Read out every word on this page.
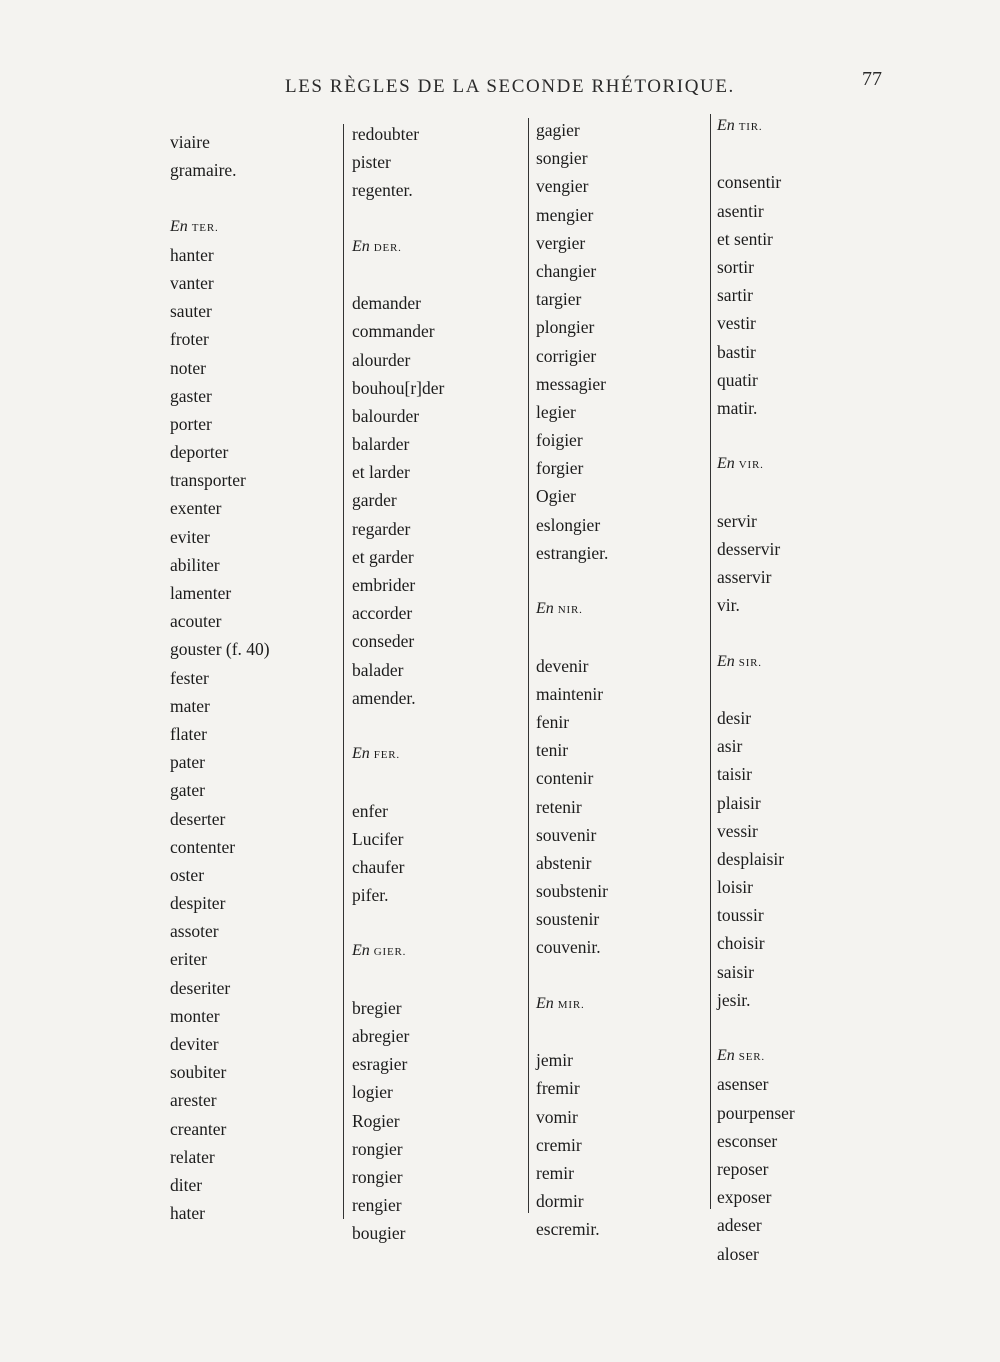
LES RÈGLES DE LA SECONDE RHÉTORIQUE.	77
viaire
gramaire.

En TER.
hanter
vanter
sauter
froter
noter
gaster
porter
deporter
transporter
exenter
eviter
abiliter
lamenter
acouter
gouster (f. 40)
fester
mater
flater
pater
gater
deserter
contenter
oster
despiter
assoter
eriter
deseriter
monter
deviter
soubiter
arester
creanter
relater
diter
hater
redoubter
pister
regenter.

En DER.

demander
commander
alourder
bouhou[r]der
balourder
balarder
et larder
garder
regarder
et garder
embrider
accorder
conseder
balader
amender.

En FER.

enfer
Lucifer
chaufer
pifer.

En GIER.

bregier
abregier
esragier
logier
Rogier
rongier
rongier
rengier
bougier
gagier
songier
vengier
mengier
vergier
changier
targier
plongier
corrigier
messagier
legier
foigier
forgier
Ogier
eslongier
estrangier.

En NIR.

devenir
maintenir
fenir
tenir
contenir
retenir
souvenir
abstenir
soubstenir
soustenir
couvenir.

En MIR.

jemir
fremir
vomir
cremir
remir
dormir
escremir.
En TIR.

consentir
asentir
et sentir
sortir
sartir
vestir
bastir
quatir
matir.

En VIR.

servir
desservir
asservir
vir.

En SIR.

desir
asir
taisir
plaisir
vessir
desplaisir
loisir
toussir
choisir
saisir
jesir.

En SER.
asenser
pourpenser
esconser
reposer
exposer
adeser
aloser
